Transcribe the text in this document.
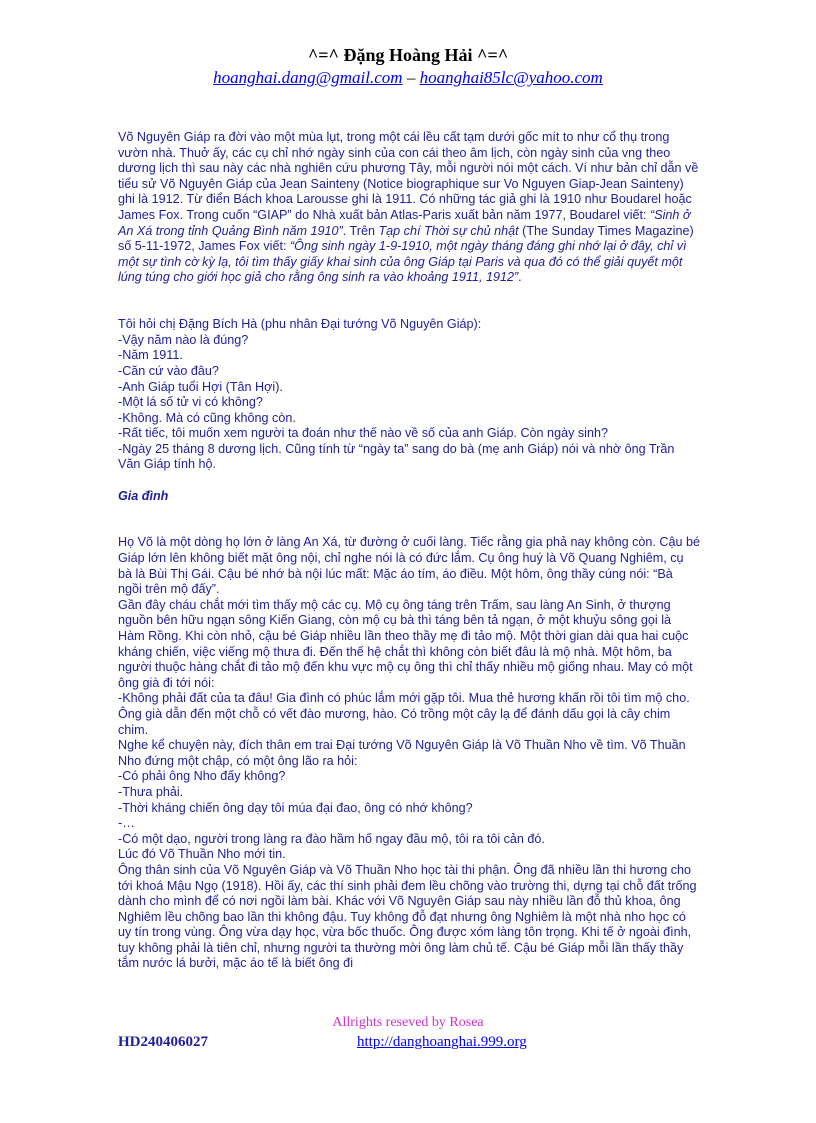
^=^ Đặng Hoàng Hải ^=^
hoanghai.dang@gmail.com – hoanghai85lc@yahoo.com

Võ Nguyên Giáp ra đời vào một mùa lụt, trong một cái lều cất tạm dưới gốc mít to như cổ thụ trong vườn nhà. Thuở ấy, các cụ chỉ nhớ ngày sinh của con cái theo âm lịch, còn ngày sinh của vng theo dương lịch thì sau này các nhà nghiên cứu phương Tây, mỗi người nói một cách. Ví như bản chỉ dẫn về tiểu sử Võ Nguyên Giáp của Jean Sainteny (Notice biographique sur Vo Nguyen Giap-Jean Sainteny) ghi là 1912. Từ điển Bách khoa Larousse ghi là 1911. Có những tác giả ghi là 1910 như Boudarel hoặc James Fox. Trong cuốn “GIAP” do Nhà xuất bản Atlas-Paris xuất bản năm 1977, Boudarel viết: “Sinh ở An Xá trong tỉnh Quảng Bình năm 1910”. Trên Tạp chí Thời sự chủ nhật (The Sunday Times Magazine) số 5-11-1972, James Fox viết: “Ông sinh ngày 1-9-1910, một ngày tháng đáng ghi nhớ lại ở đây, chỉ vì một sự tình cờ kỳ lạ, tôi tìm thấy giấy khai sinh của ông Giáp tại Paris và qua đó có thể giải quyết một lúng túng cho giới học giả cho rằng ông sinh ra vào khoảng 1911, 1912”.

Tôi hỏi chị Đặng Bích Hà (phu nhân Đại tướng Võ Nguyên Giáp):

-Vậy năm nào là đúng?

-Năm 1911.

-Căn cứ vào đâu?

-Anh Giáp tuổi Hợi (Tân Hợi).

-Một lá số tử vi có không?

-Không. Mà có cũng không còn.

-Rất tiếc, tôi muốn xem người ta đoán như thế nào về số của anh Giáp. Còn ngày sinh?

-Ngày 25 tháng 8 dương lịch. Cũng tính từ “ngày ta” sang do bà (mẹ anh Giáp) nói và nhờ ông Trần Văn Giáp tính hộ.

Gia đình

Họ Võ là một dòng họ lớn ở làng An Xá, từ đường ở cuối làng. Tiếc rằng gia phả nay không còn. Cậu bé Giáp lớn lên không biết mặt ông nội, chỉ nghe nói là có đức lắm. Cụ ông huý là Võ Quang Nghiêm, cụ bà là Bùi Thị Gái. Cậu bé nhớ bà nội lúc mất: Mặc áo tím, áo điều. Một hôm, ông thầy cúng nói: “Bà ngồi trên mộ đấy”.

Gần đây cháu chắt mới tìm thấy mộ các cụ. Mộ cụ ông táng trên Trấm, sau làng An Sinh, ở thượng nguồn bên hữu ngạn sông Kiến Giang, còn mộ cụ bà thì táng bên tả ngạn, ở một khuỷu sông gọi là Hàm Rồng. Khi còn nhỏ, cậu bé Giáp nhiều lần theo thầy mẹ đi tảo mộ. Một thời gian dài qua hai cuộc kháng chiến, việc viếng mộ thưa đi. Đến thế hệ chắt thì không còn biết đâu là mộ nhà. Một hôm, ba người thuộc hàng chắt đi tảo mộ đến khu vực mộ cụ ông thì chỉ thấy nhiều mộ giống nhau. May có một ông già đi tới nói:

-Không phải đất của ta đâu! Gia đình có phúc lắm mới gặp tôi. Mua thẻ hương khấn rồi tôi tìm mộ cho.

Ông già dẫn đến một chỗ có vết đào mương, hào. Có trồng một cây lạ để đánh dấu gọi là cây chim chim.

Nghe kể chuyện này, đích thân em trai Đại tướng Võ Nguyên Giáp là Võ Thuần Nho về tìm. Võ Thuần Nho đứng một chập, có một ông lão ra hỏi:

-Có phải ông Nho đấy không?

-Thưa phải.

-Thời kháng chiến ông dạy tôi múa đại đao, ông có nhớ không?

-…

-Có một dạo, người trong làng ra đào hầm hố ngay đầu mộ, tôi ra tôi cản đó.

Lúc đó Võ Thuần Nho mới tin.

Ông thân sinh của Võ Nguyên Giáp và Võ Thuần Nho học tài thi phận. Ông đã nhiều lần thi hương cho tới khoá Mậu Ngọ (1918). Hồi ấy, các thí sinh phải đem lều chõng vào trường thi, dựng tại chỗ đất trống dành cho mình để có nơi ngồi làm bài. Khác với Võ Nguyên Giáp sau này nhiều lần đỗ thủ khoa, ông Nghiêm lều chõng bao lần thi không đậu. Tuy không đỗ đạt nhưng ông Nghiêm là một nhà nho học có uy tín trong vùng. Ông vừa dạy học, vừa bốc thuốc. Ông được xóm làng tôn trọng. Khi tế ở ngoài đình, tuy không phải là tiên chỉ, nhưng người ta thường mời ông làm chủ tế. Cậu bé Giáp mỗi lần thấy thầy tắm nước lá bưởi, mặc áo tế là biết ông đi

Allrights reseved by Rosea
HD240406027	http://danghoanghai.999.org
